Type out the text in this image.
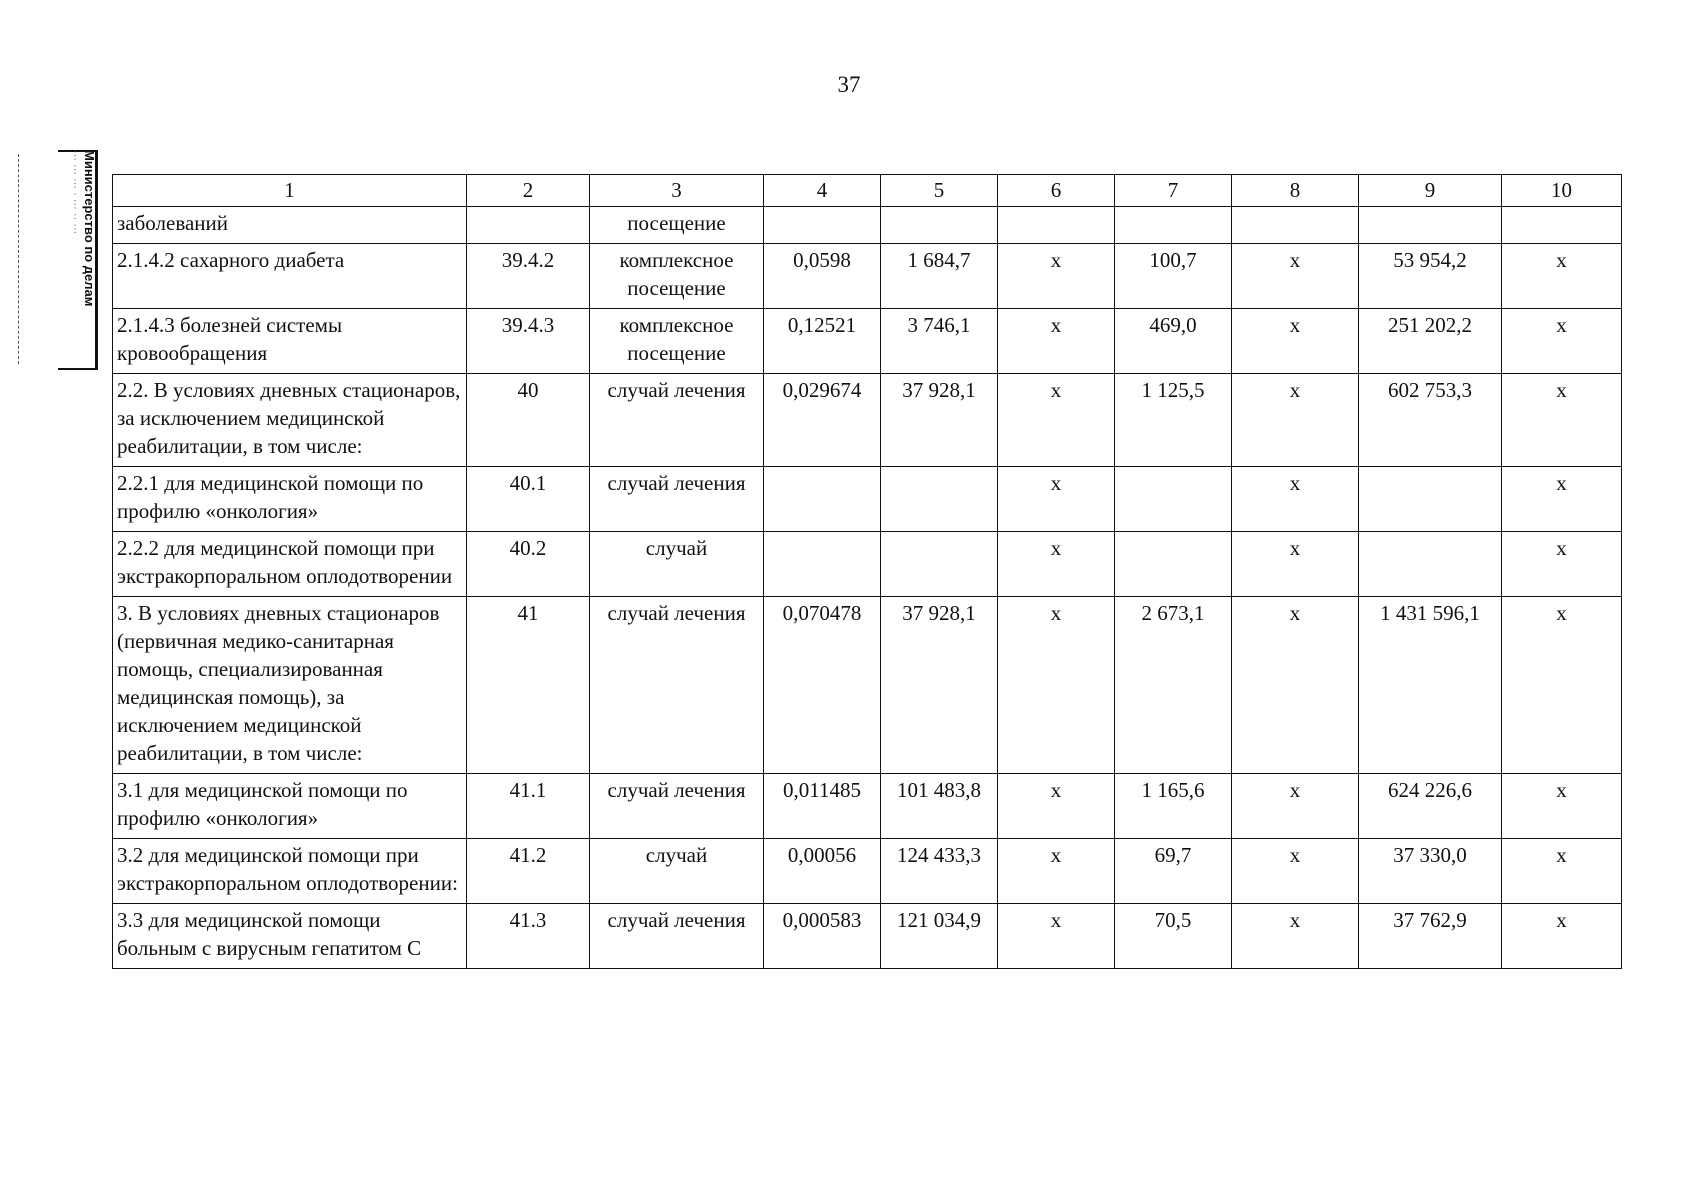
37
Министерство по делам
··· ··· ··· · ··· ·· ···	1	2	3	4	5	6	7	8	9	10
заболеваний		посещение							
2.1.4.2 сахарного диабета	39.4.2	комплексное посещение	0,0598	1 684,7	х	100,7	х	53 954,2	х
2.1.4.3 болезней системы кровообращения	39.4.3	комплексное посещение	0,12521	3 746,1	х	469,0	х	251 202,2	х
2.2. В условиях дневных стационаров, за исключением медицинской реабилитации, в том числе:	40	случай лечения	0,029674	37 928,1	х	1 125,5	х	602 753,3	х
2.2.1 для медицинской помощи по профилю «онкология»	40.1	случай лечения			х		х		х
2.2.2 для медицинской помощи при экстракорпоральном оплодотворении	40.2	случай			х		х		х
3. В условиях дневных стационаров (первичная медико-санитарная помощь, специализированная медицинская помощь), за исключением медицинской реабилитации, в том числе:	41	случай лечения	0,070478	37 928,1	х	2 673,1	х	1 431 596,1	х
3.1 для медицинской помощи по профилю «онкология»	41.1	случай лечения	0,011485	101 483,8	х	1 165,6	х	624 226,6	х
3.2 для медицинской помощи при экстракорпоральном оплодотворении:	41.2	случай	0,00056	124 433,3	х	69,7	х	37 330,0	х
3.3 для медицинской помощи больным с вирусным гепатитом С	41.3	случай лечения	0,000583	121 034,9	х	70,5	х	37 762,9	х
